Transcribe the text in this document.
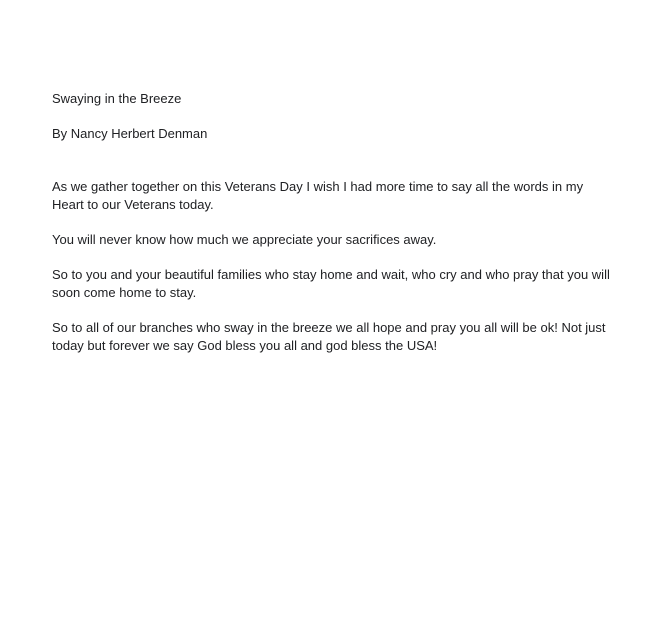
Swaying in the Breeze

By Nancy Herbert Denman

As we gather together on this Veterans Day I wish I had more time to say all the words in my Heart to our Veterans today.

You will never know how much we appreciate your sacrifices away.

So to you and your beautiful families who stay home and wait, who cry and who pray that you will soon come home to stay.

So to all of our branches who sway in the breeze we all hope and pray you all will be ok! Not just today but forever we say God bless you all and god bless the USA!
